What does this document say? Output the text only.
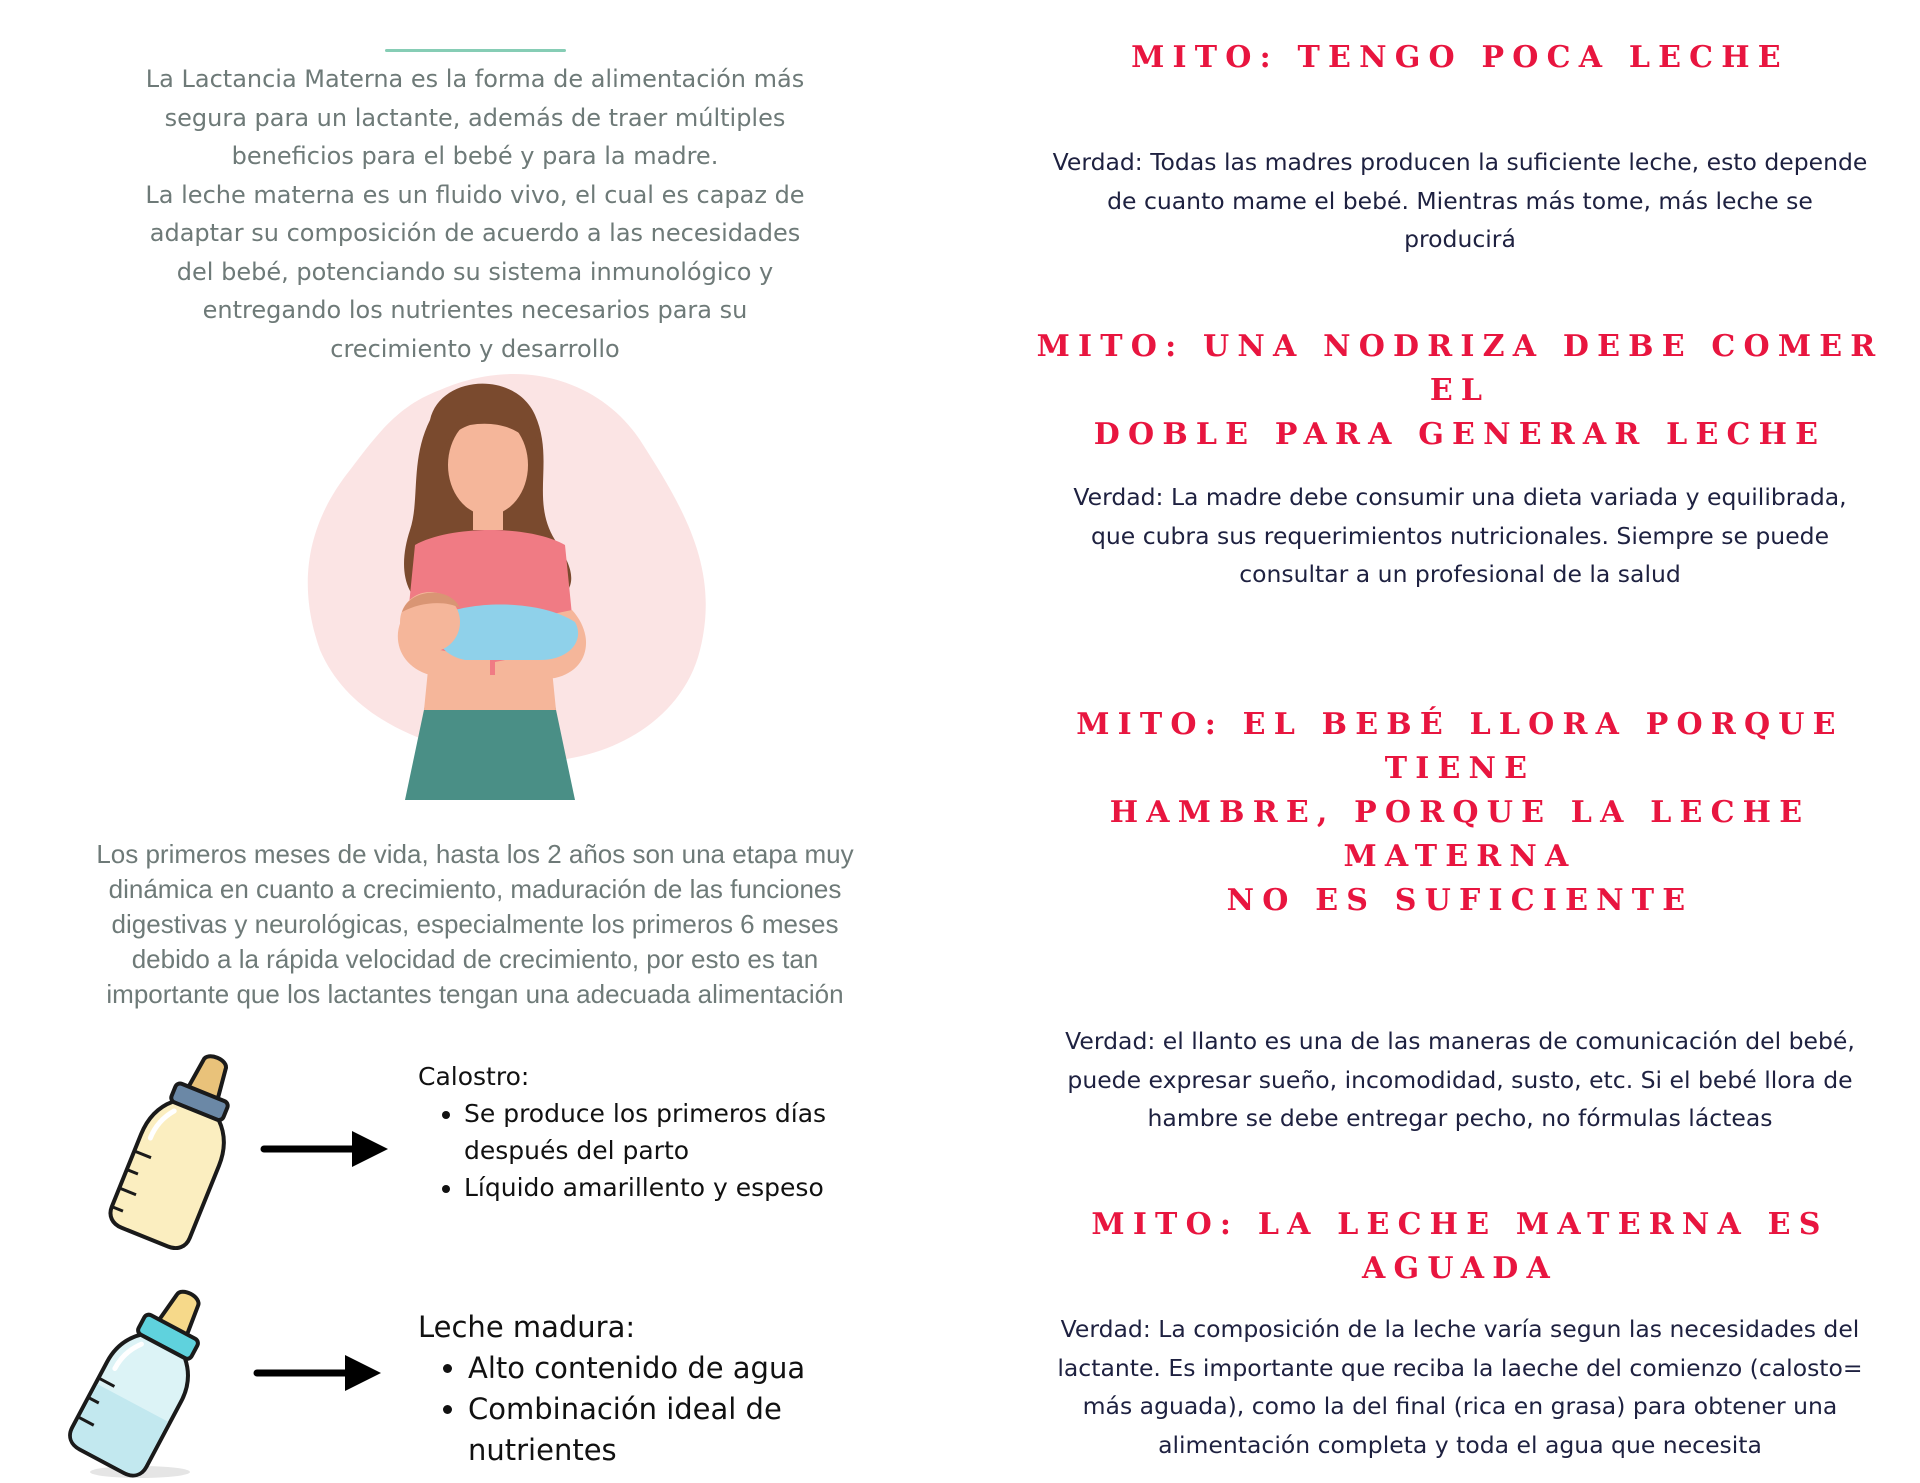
La Lactancia Materna es la forma de alimentación más
segura para un lactante, además de traer múltiples
beneficios para el bebé y para la madre.
La leche materna es un fluido vivo, el cual es capaz de
adaptar su composición de acuerdo a las necesidades
del bebé, potenciando su sistema inmunológico y
entregando los nutrientes necesarios para su
crecimiento y desarrollo
Los primeros meses de vida, hasta los 2 años son una etapa muy
dinámica en cuanto a crecimiento, maduración de las funciones
digestivas y neurológicas, especialmente los primeros 6 meses
debido a la rápida velocidad de crecimiento, por esto es tan
importante que los lactantes tengan una adecuada alimentación

Calostro:

• Se produce los primeros días después del parto
• Líquido amarillento y espeso

Leche madura:

• Alto contenido de agua
• Combinación ideal de nutrientes
MITO: TENGO POCA LECHE
Verdad: Todas las madres producen la suficiente leche, esto depende
de cuanto mame el bebé. Mientras más tome, más leche se
producirá
MITO: UNA NODRIZA DEBE COMER EL
DOBLE PARA GENERAR LECHE
Verdad: La madre debe consumir una dieta variada y equilibrada,
que cubra sus requerimientos nutricionales. Siempre se puede
consultar a un profesional de la salud
MITO: EL BEBÉ LLORA PORQUE TIENE
HAMBRE, PORQUE LA LECHE MATERNA
NO ES SUFICIENTE
Verdad: el llanto es una de las maneras de comunicación del bebé,
puede expresar sueño, incomodidad, susto, etc. Si el bebé llora de
hambre se debe entregar pecho, no fórmulas lácteas
MITO: LA LECHE MATERNA ES AGUADA
Verdad: La composición de la leche varía segun las necesidades del
lactante. Es importante que reciba la laeche del comienzo (calosto=
más aguada), como la del final (rica en grasa) para obtener una
alimentación completa y toda el agua que necesita
